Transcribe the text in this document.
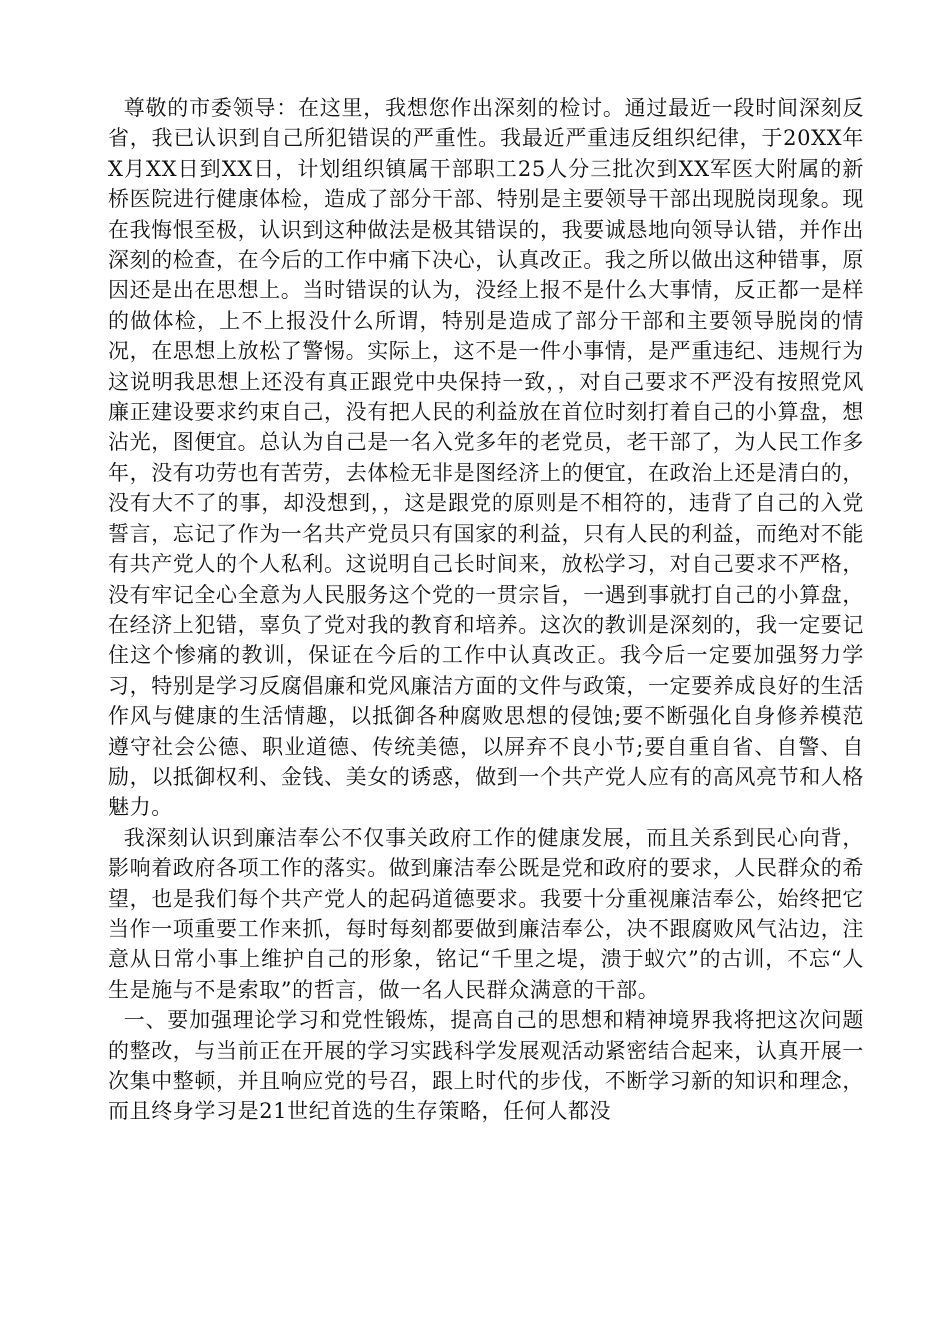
尊敬的市委领导：在这里，我想您作出深刻的检讨。通过最近一段时间深刻反省，我已认识到自己所犯错误的严重性。我最近严重违反组织纪律，于20XX年X月XX日到XX日，计划组织镇属干部职工25人分三批次到XX军医大附属的新桥医院进行健康体检，造成了部分干部、特别是主要领导干部出现脱岗现象。现在我悔恨至极，认识到这种做法是极其错误的，我要诚恳地向领导认错，并作出深刻的检查，在今后的工作中痛下决心，认真改正。我之所以做出这种错事，原因还是出在思想上。当时错误的认为，没经上报不是什么大事情，反正都一是样的做体检，上不上报没什么所谓，特别是造成了部分干部和主要领导脱岗的情况，在思想上放松了警惕。实际上，这不是一件小事情，是严重违纪、违规行为这说明我思想上还没有真正跟党中央保持一致，，对自己要求不严没有按照党风廉正建设要求约束自己，没有把人民的利益放在首位时刻打着自己的小算盘，想沾光，图便宜。总认为自己是一名入党多年的老党员，老干部了，为人民工作多年，没有功劳也有苦劳，去体检无非是图经济上的便宜，在政治上还是清白的，没有大不了的事，却没想到，，这是跟党的原则是不相符的，违背了自己的入党誓言，忘记了作为一名共产党员只有国家的利益，只有人民的利益，而绝对不能有共产党人的个人私利。这说明自己长时间来，放松学习，对自己要求不严格，没有牢记全心全意为人民服务这个党的一贯宗旨，一遇到事就打自己的小算盘，在经济上犯错，辜负了党对我的教育和培养。这次的教训是深刻的，我一定要记住这个惨痛的教训，保证在今后的工作中认真改正。我今后一定要加强努力学习，特别是学习反腐倡廉和党风廉洁方面的文件与政策，一定要养成良好的生活作风与健康的生活情趣，以抵御各种腐败思想的侵蚀;要不断强化自身修养模范遵守社会公德、职业道德、传统美德，以屏弃不良小节;要自重自省、自警、自励，以抵御权利、金钱、美女的诱惑，做到一个共产党人应有的高风亮节和人格魅力。

我深刻认识到廉洁奉公不仅事关政府工作的健康发展，而且关系到民心向背，影响着政府各项工作的落实。做到廉洁奉公既是党和政府的要求，人民群众的希望，也是我们每个共产党人的起码道德要求。我要十分重视廉洁奉公，始终把它当作一项重要工作来抓，每时每刻都要做到廉洁奉公，决不跟腐败风气沾边，注意从日常小事上维护自己的形象，铭记“千里之堤，溃于蚁穴”的古训，不忘“人生是施与不是索取”的哲言，做一名人民群众满意的干部。

一、要加强理论学习和党性锻炼，提高自己的思想和精神境界我将把这次问题的整改，与当前正在开展的学习实践科学发展观活动紧密结合起来，认真开展一次集中整顿，并且响应党的号召，跟上时代的步伐，不断学习新的知识和理念，而且终身学习是21世纪首选的生存策略，任何人都没
